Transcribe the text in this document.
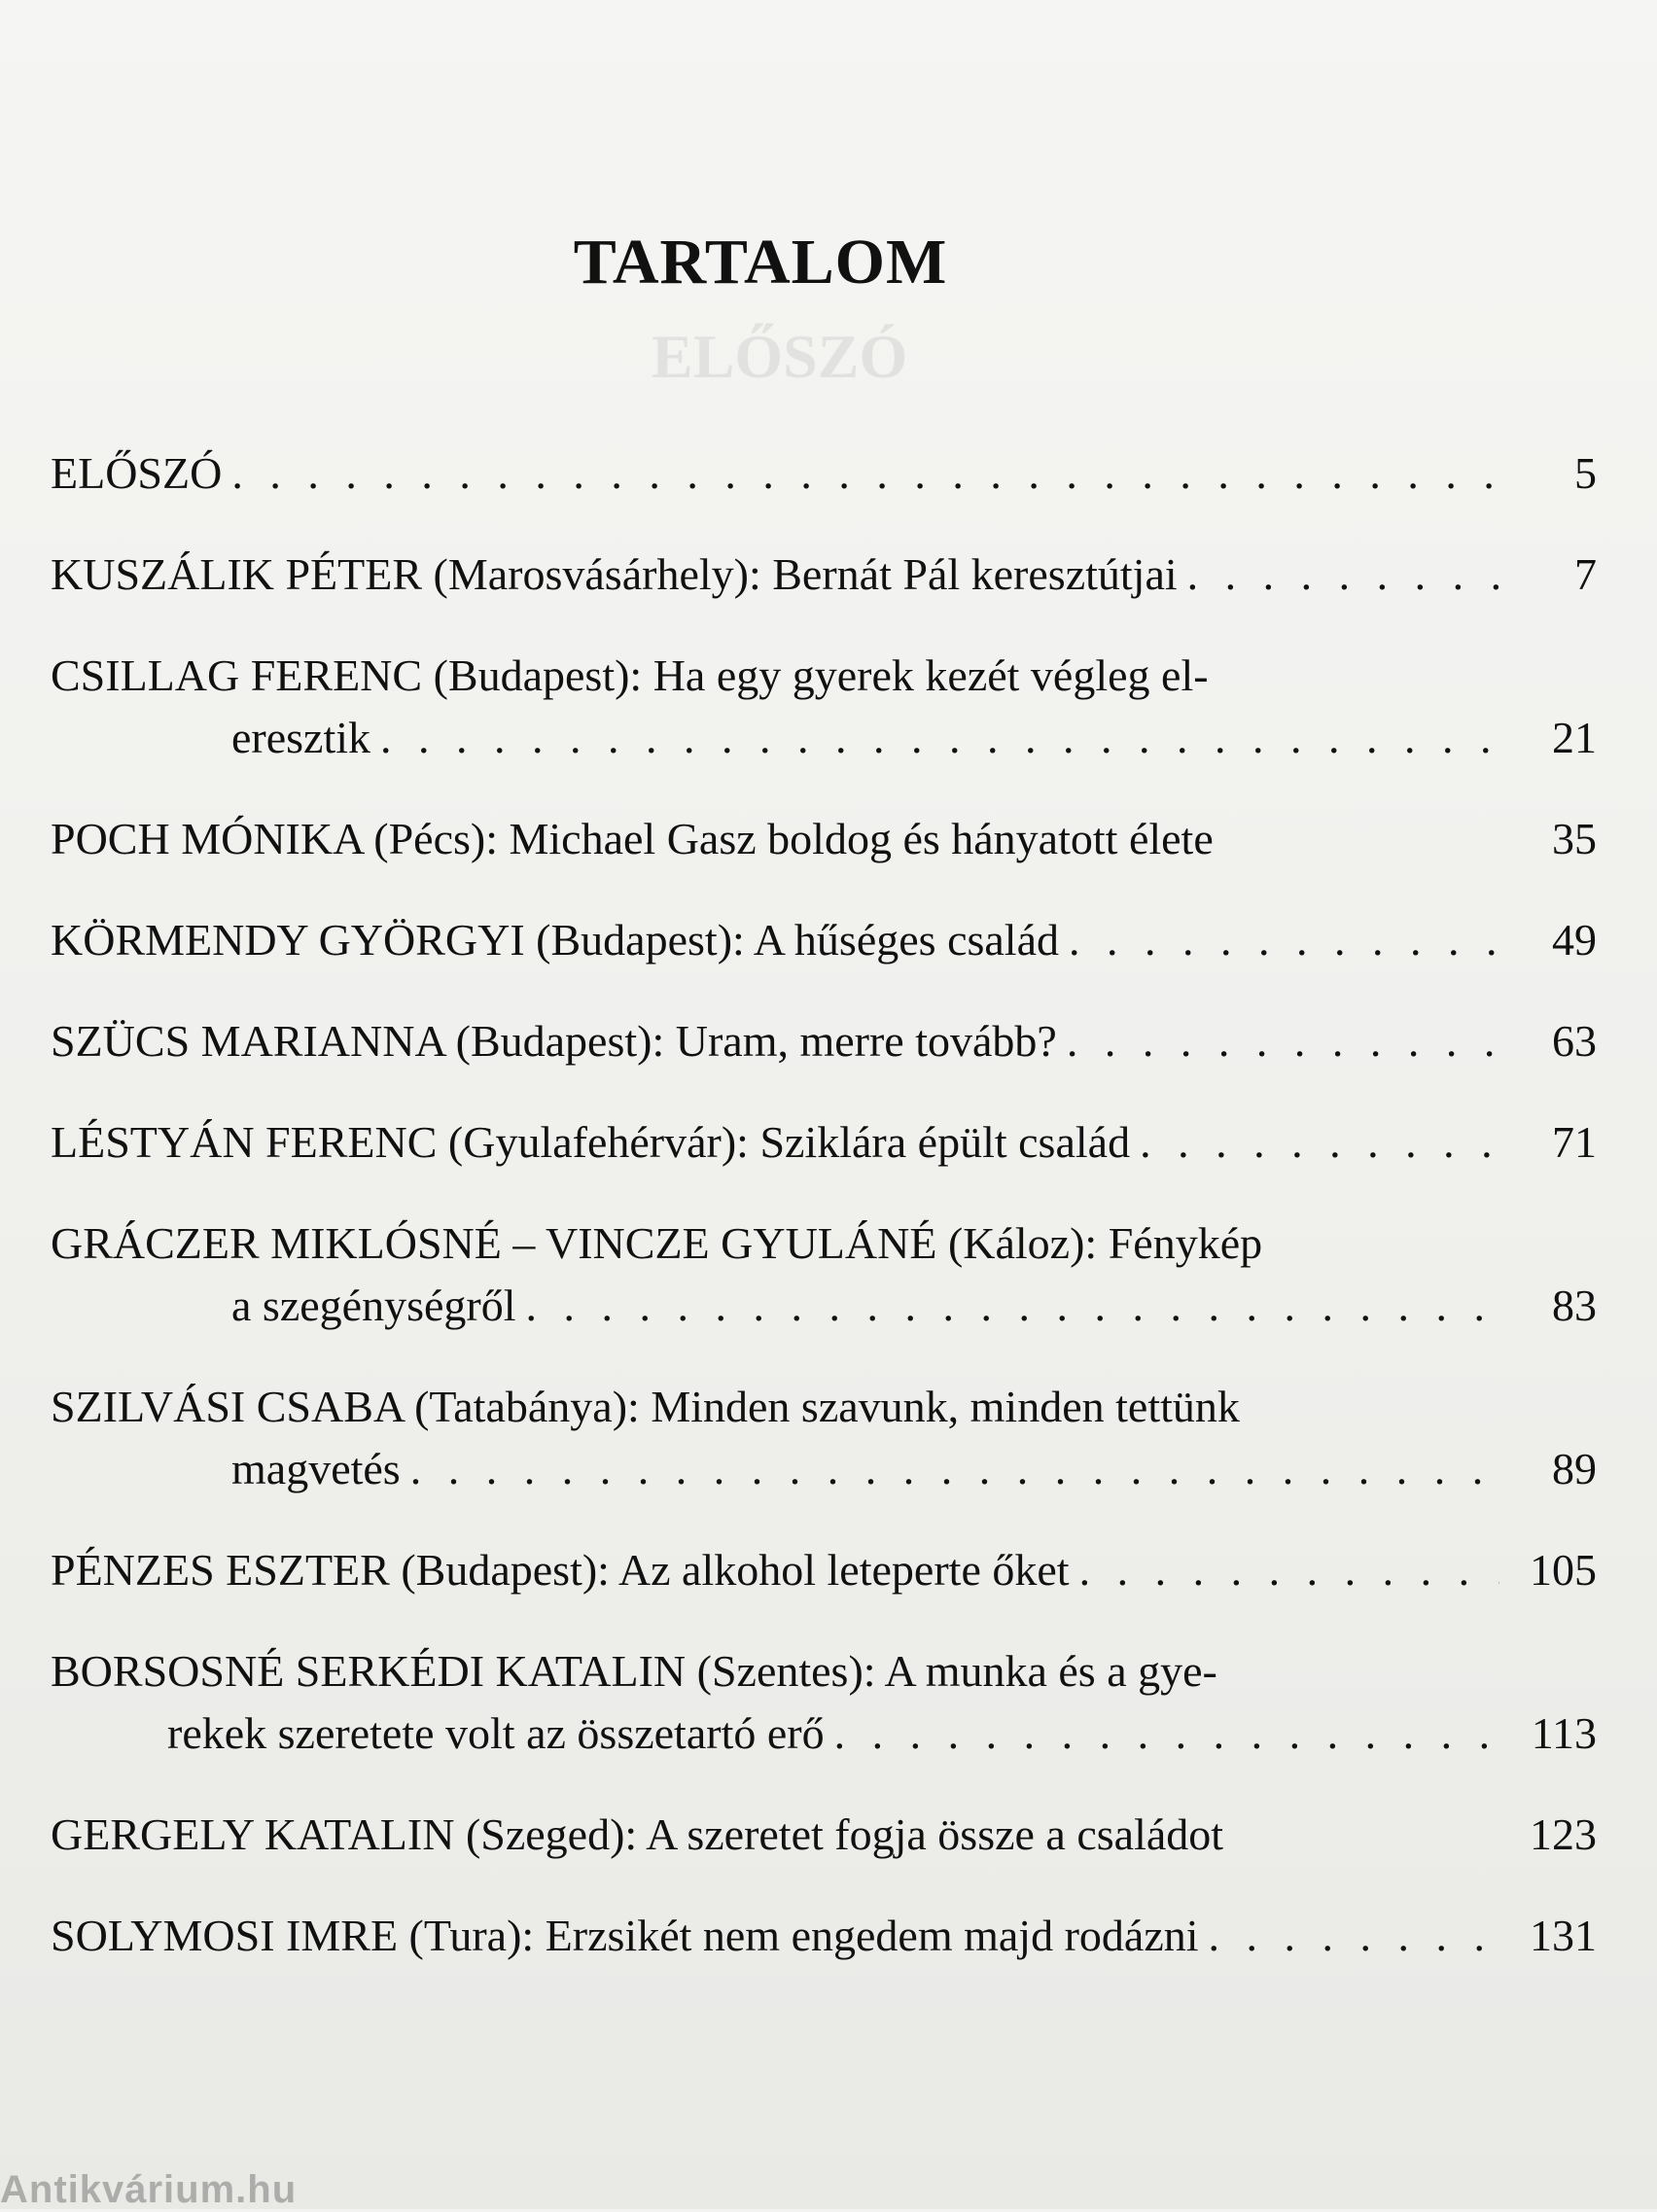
ELŐSZÓ
TARTALOM
ELŐSZÓ . . .	5
KUSZÁLIK PÉTER (Marosvásárhely): Bernát Pál keresztútjai . . .	7
CSILLAG FERENC (Budapest): Ha egy gyerek kezét végleg el-
eresztik . . .	21
POCH MÓNIKA (Pécs): Michael Gasz boldog és hányatott élete	35
KÖRMENDY GYÖRGYI (Budapest): A hűséges család . . .	49
SZÜCS MARIANNA (Budapest): Uram, merre tovább? . . .	63
LÉSTYÁN FERENC (Gyulafehérvár): Sziklára épült család . . .	71
GRÁCZER MIKLÓSNÉ – VINCZE GYULÁNÉ (Káloz): Fénykép
a szegénységről . . .	83
SZILVÁSI CSABA (Tatabánya): Minden szavunk, minden tettünk
magvetés . . .	89
PÉNZES ESZTER (Budapest): Az alkohol leteperte őket . . .	105
BORSOSNÉ SERKÉDI KATALIN (Szentes): A munka és a gye-
rekek szeretete volt az összetartó erő . . .	113
GERGELY KATALIN (Szeged): A szeretet fogja össze a családot	123
SOLYMOSI IMRE (Tura): Erzsikét nem engedem majd rodázni . . .	131
Antikvárium.hu
